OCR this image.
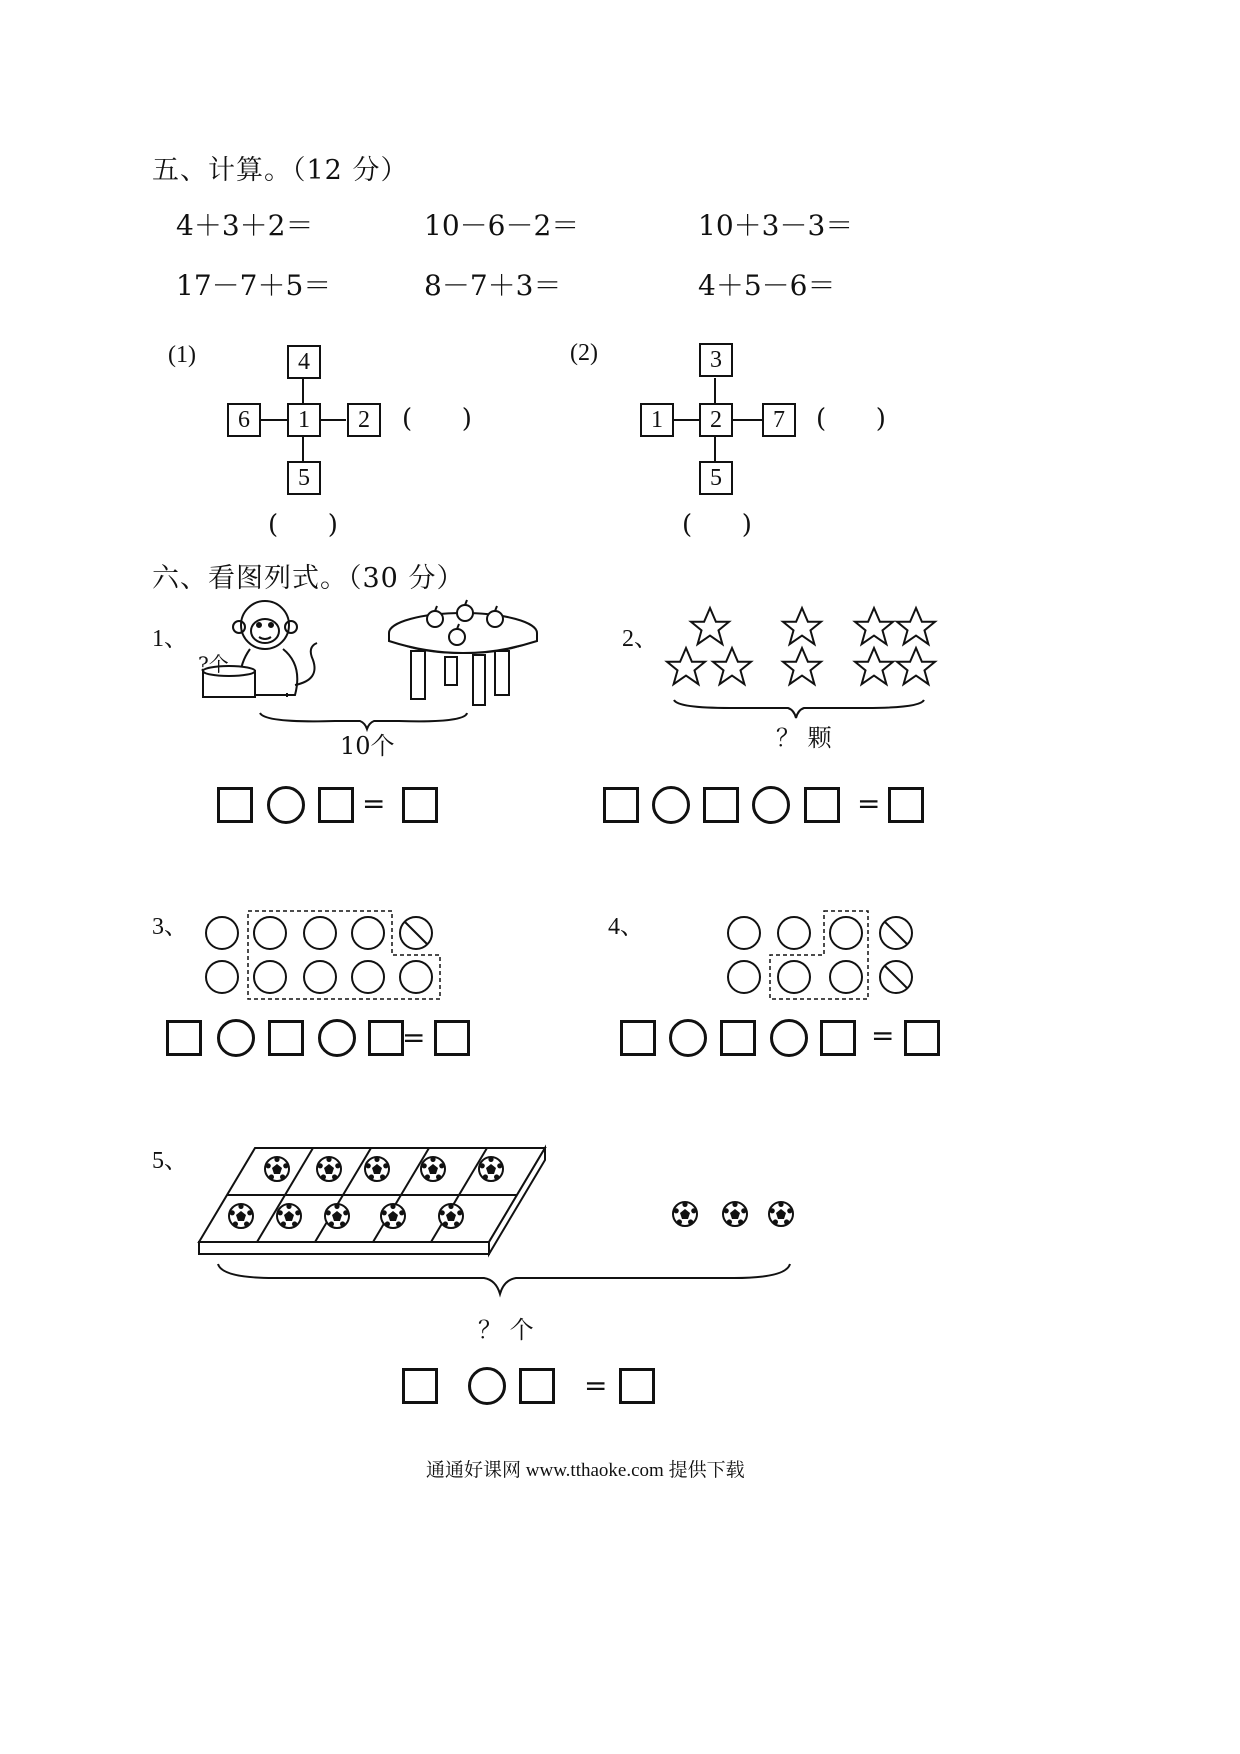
五、计算。（12 分）
4＋3＋2＝	10－6－2＝	10＋3－3＝
17－7＋5＝	8－7＋3＝	4＋5－6＝
(1)	4
6	1	2
5
(      )
(      )
(2)	3
1	2	7
5
(      )
(      )
六、看图列式。（30 分）
1、
?个
10个
=
2、
？ 颗
=
3、
=
4、
=
5、
？ 个
=
通通好课网 www.tthaoke.com 提供下载
